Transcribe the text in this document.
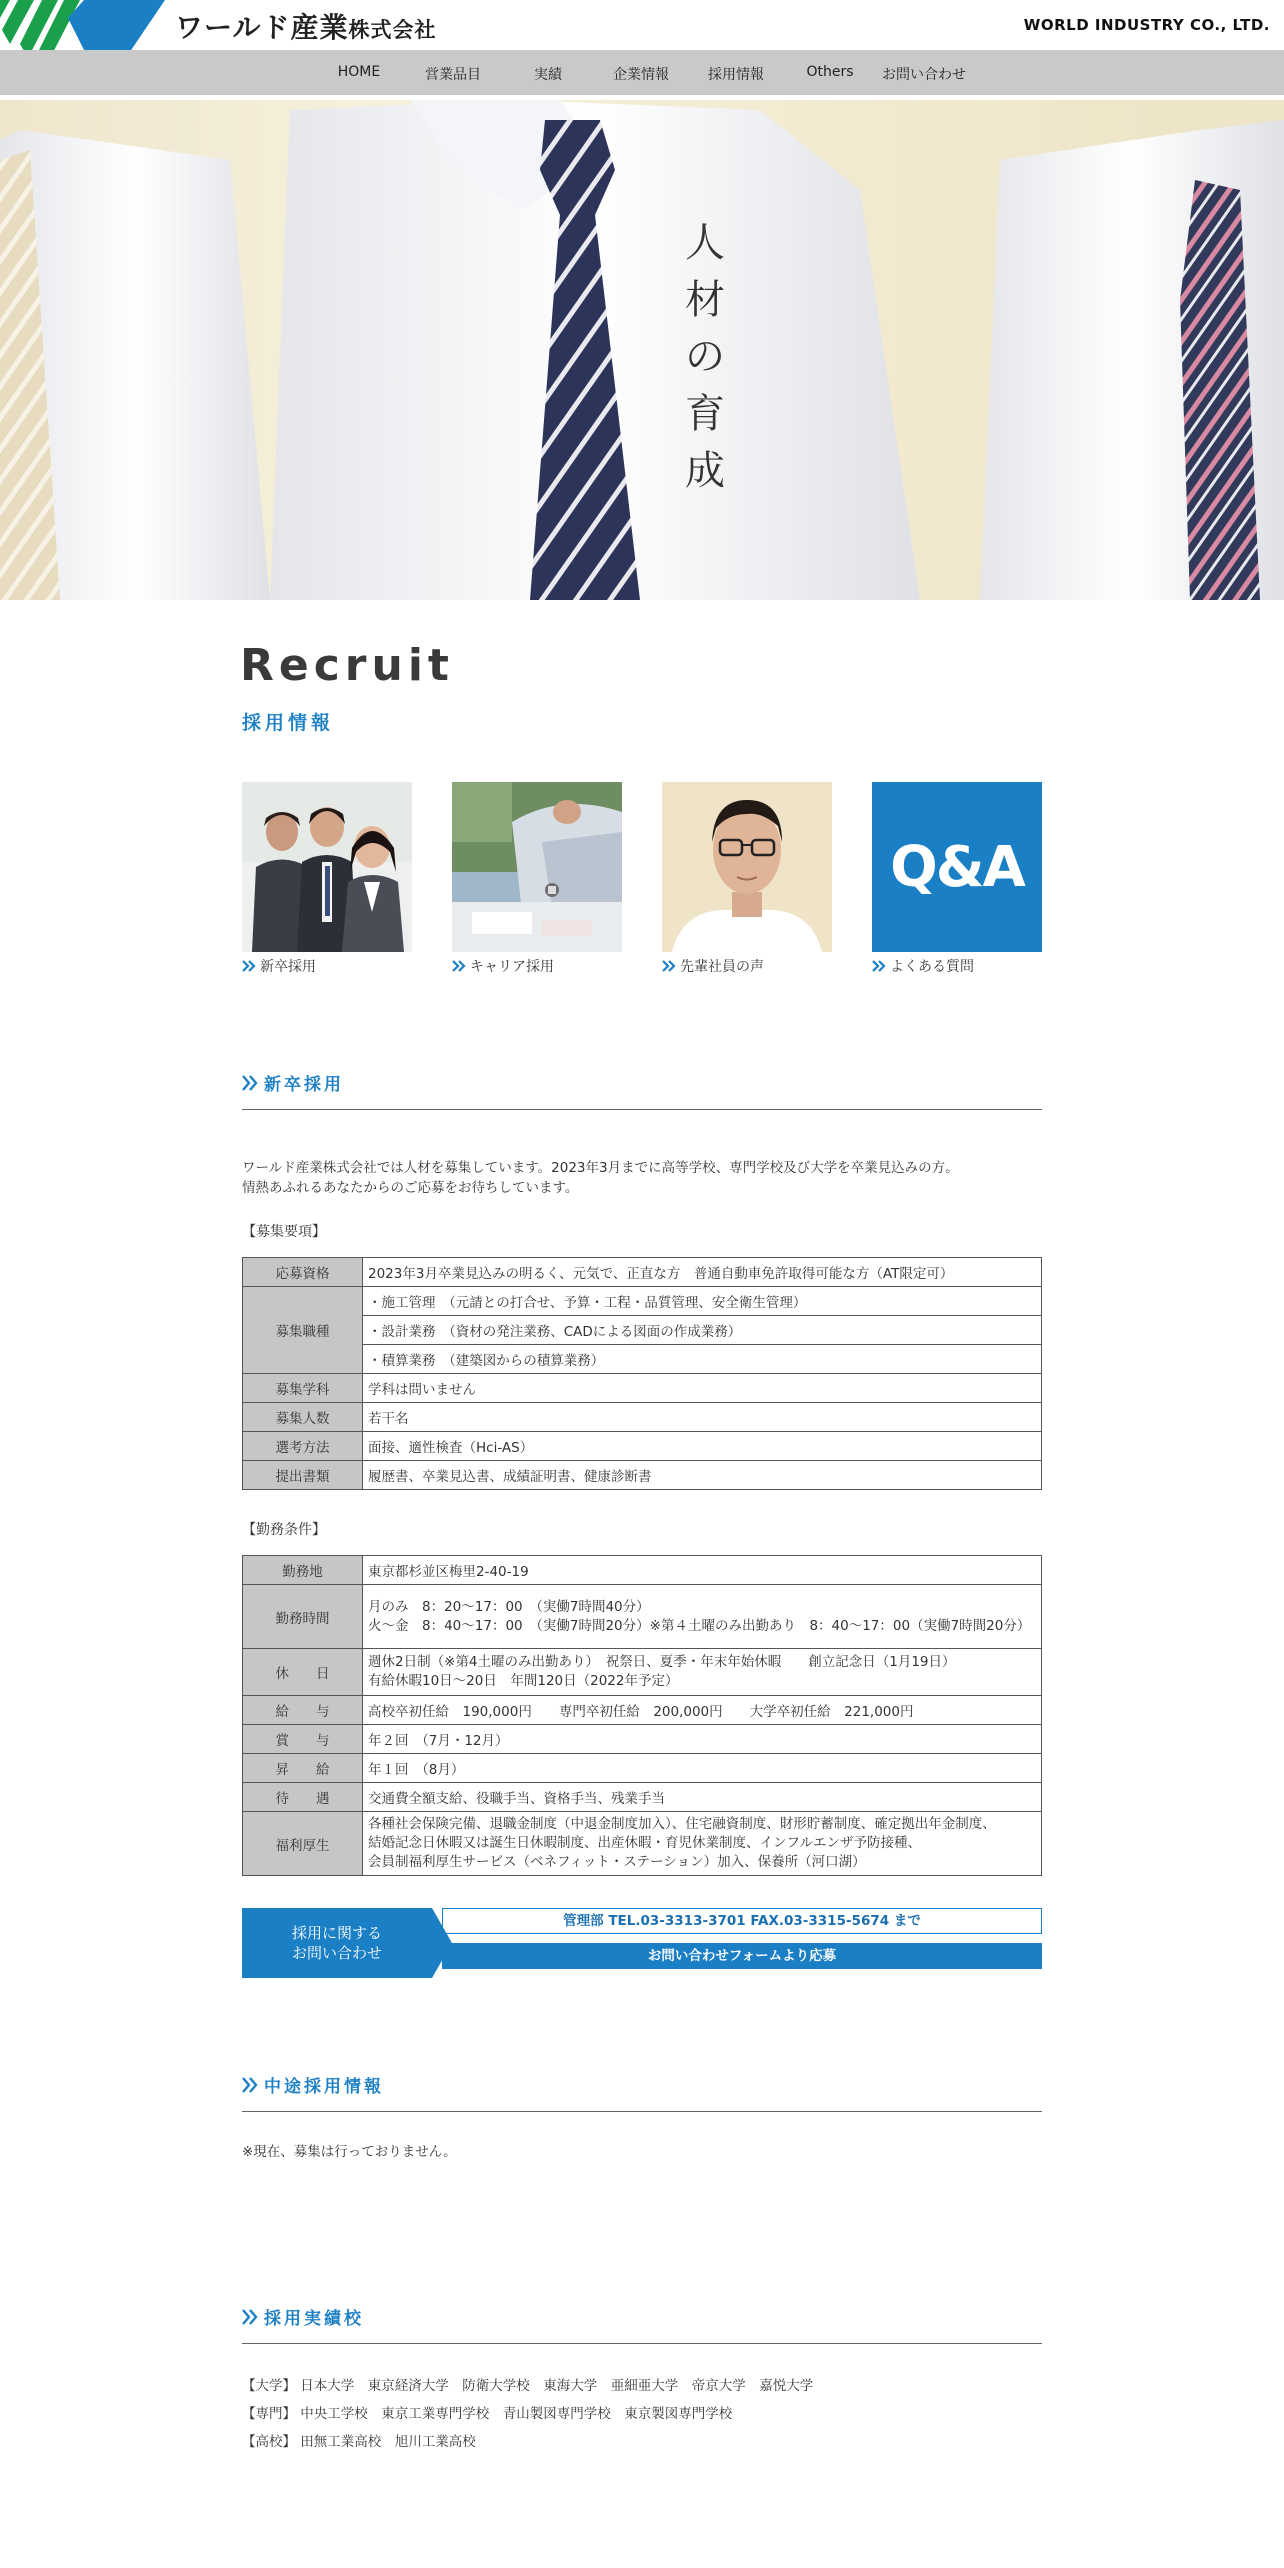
ワールド産業株式会社	WORLD INDUSTRY CO., LTD.
HOME	営業品目	実績	企業情報	採用情報	Others お問い合わせ
人
材
の
育
成
Recruit
採用情報
新卒採用	キャリア採用	先輩社員の声
Q&A
よくある質問
新卒採用
ワールド産業株式会社では人材を募集しています。2023年3月までに高等学校、専門学校及び大学を卒業見込みの方。
情熱あふれるあなたからのご応募をお待ちしています。
【募集要項】
応募資格	2023年3月卒業見込みの明るく、元気で、正直な方　普通自動車免許取得可能な方（AT限定可）
募集職種	・施工管理　（元請との打合せ、予算・工程・品質管理、安全衛生管理）
	・設計業務　（資材の発注業務、CADによる図面の作成業務）
	・積算業務　（建築図からの積算業務）
募集学科	学科は問いません
募集人数	若干名
選考方法	面接、適性検査（Hci-AS）
提出書類	履歴書、卒業見込書、成績証明書、健康診断書
【勤務条件】
勤務地	東京都杉並区梅里2-40-19
勤務時間	月のみ　8：20～17：00　（実働7時間40分）
火～金　8：40～17：00　（実働7時間20分）※第４土曜のみ出勤あり　8：40～17：00（実働7時間20分）

休　　日	週休2日制（※第4土曜のみ出勤あり）　祝祭日、夏季・年末年始休暇　　創立記念日（1月19日）
有給休暇10日～20日　年間120日（2022年予定）

給　　与	高校卒初任給　190,000円　　専門卒初任給　200,000円　　大学卒初任給　221,000円
賞　　与	年２回　（7月・12月）
昇　　給	年１回　（8月）
待　　遇	交通費全額支給、役職手当、資格手当、残業手当
福利厚生	各種社会保険完備、退職金制度（中退金制度加入）、住宅融資制度、財形貯蓄制度、確定拠出年金制度、
結婚記念日休暇又は誕生日休暇制度、出産休暇・育児休業制度、インフルエンザ予防接種、
会員制福利厚生サービス（ベネフィット・ステーション）加入、保養所（河口湖）
採用に関する
お問い合わせ
管理部 TEL.03-3313-3701 FAX.03-3315-5674 まで
お問い合わせフォームより応募
中途採用情報
※現在、募集は行っておりません。
採用実績校
【大学】 日本大学　東京経済大学　防衛大学校　東海大学　亜細亜大学　帝京大学　嘉悦大学
【専門】 中央工学校　東京工業専門学校　青山製図専門学校　東京製図専門学校
【高校】 田無工業高校　旭川工業高校
